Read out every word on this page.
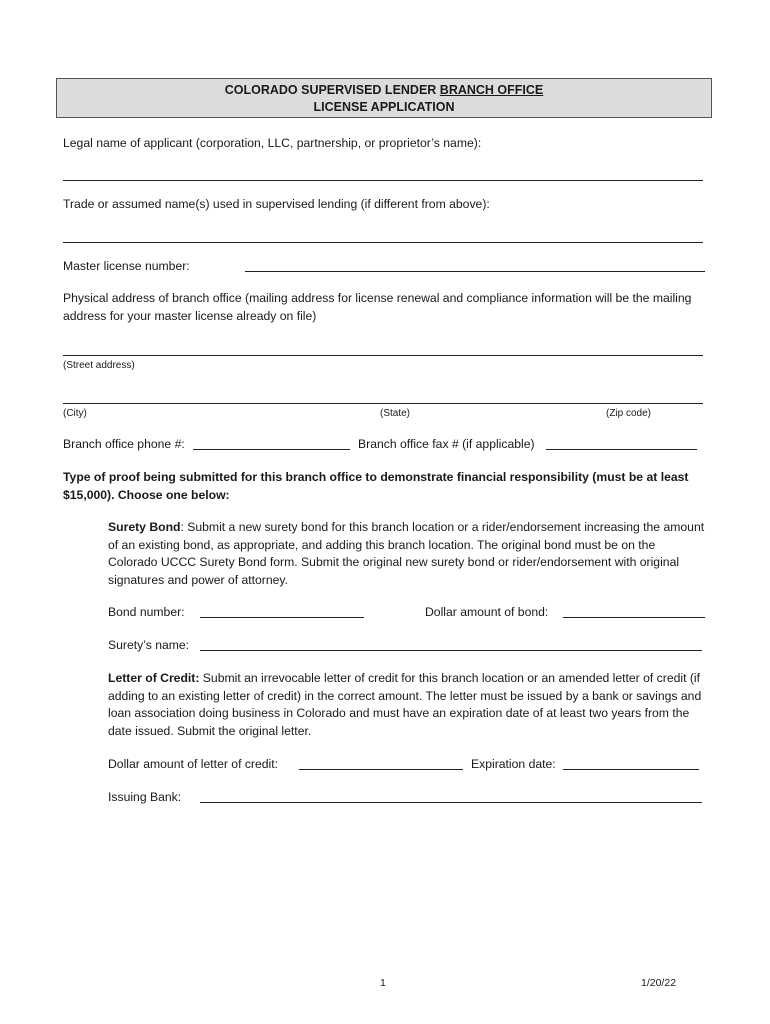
COLORADO SUPERVISED LENDER BRANCH OFFICE
LICENSE APPLICATION
Legal name of applicant (corporation, LLC, partnership, or proprietor’s name):
Trade or assumed name(s) used in supervised lending (if different from above):
Master license number:
Physical address of branch office (mailing address for license renewal and compliance information will be the mailing address for your master license already on file)
(Street address)
(City)	(State)	(Zip code)
Branch office phone #:	Branch office fax # (if applicable)
Type of proof being submitted for this branch office to demonstrate financial responsibility (must be at least $15,000). Choose one below:
Surety Bond: Submit a new surety bond for this branch location or a rider/endorsement increasing the amount of an existing bond, as appropriate, and adding this branch location. The original bond must be on the Colorado UCCC Surety Bond form. Submit the original new surety bond or rider/endorsement with original signatures and power of attorney.
Bond number:	Dollar amount of bond:
Surety’s name:
Letter of Credit: Submit an irrevocable letter of credit for this branch location or an amended letter of credit (if adding to an existing letter of credit) in the correct amount. The letter must be issued by a bank or savings and loan association doing business in Colorado and must have an expiration date of at least two years from the date issued. Submit the original letter.
Dollar amount of letter of credit:	Expiration date:
Issuing Bank:
1	1/20/22
